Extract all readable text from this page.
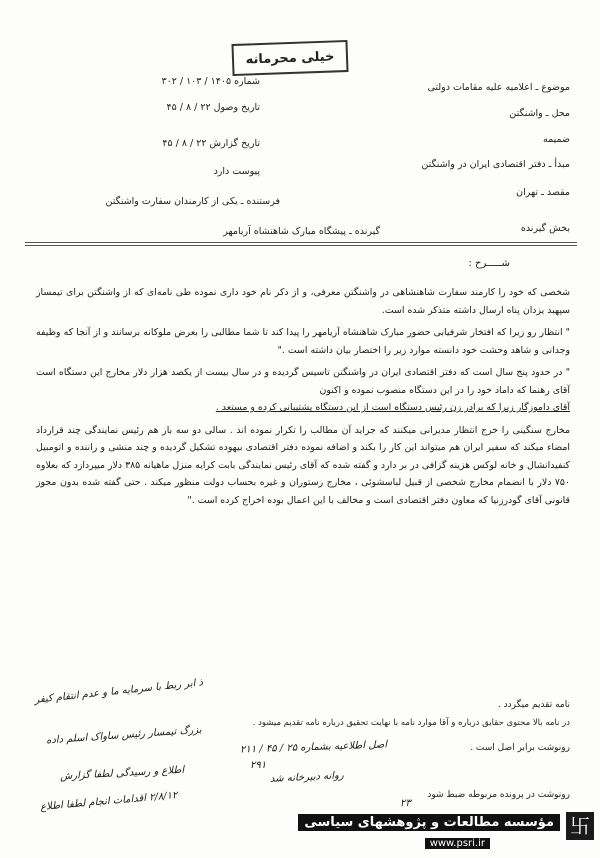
خیلی محرمانه
موضوع ـ اعلامیه علیه مقامات دولتی
محل ـ واشنگتن
ضمیمه
مبدأ ـ دفتر اقتصادی ایران در واشنگتن
مقصد ـ تهران
بخش گیرنده
شماره ۱۴۰۵ / ۱۰۳ / ۳۰۲
تاریخ وصول ۲۲ / ۸ / ۴۵
تاریخ گزارش ۲۲ / ۸ / ۴۵
پیوست دارد
فرستنده ـ یکی از کارمندان سفارت واشنگتن
گیرنده ـ پیشگاه مبارک شاهنشاه آریامهر
شـــــرح :

شخصی که خود را کارمند سفارت شاهنشاهی در واشنگتن معرفی، و از ذکر نام خود داری نموده طی نامه‌ای که از واشنگتن برای تیمسار سپهبد یزدان پناه ارسال داشته متذکر شده است.

" انتظار رو زیرا که افتخار شرفیابی حضور مبارک شاهنشاه آریامهر را پیدا کند تا شما مطالبی را بعرض ملوکانه برسانند و از آنجا که وظیفه وجدانی و شاهد وحشت خود دانسته موارد زیر را اختصار بیان داشته است ."

" در حدود پنج سال است که دفتر اقتصادی ایران در واشنگتن تاسیس گردیده و در سال بیست از یکصد هزار دلار مخارج این دستگاه است آقای رهنما که داماد خود را در این دستگاه منصوب نموده و اکنون
آقای داموزگار زیرا که برادر زن رئیس دستگاه است از این دستگاه پشتیبانی کرده و مستعد .

مخارج سنگینی را خرج انتظار مدیرانی میکنند که جراید آن مطالب را تکرار نموده اند . سالی دو سه بار هم رئیس نمایندگی چند قرارداد امضاء میکند که سفیر ایران هم میتواند این کار را بکند و اضافه نموده دفتر اقتصادی بیهوده تشکیل گردیده و چند منشی و راننده و اتومبیل کنفیدانشال و خانه لوکس هزینه گزافی در بر دارد و گفته شده که آقای رئیس نمایندگی بابت کرایه منزل ماهیانه ۳۸۵ دلار میپردازد که بعلاوه ۷۵۰ دلار با انضمام مخارج شخصی از قبیل لباسشوئی ، مخارج رستوران و غیره بحساب دولت منظور میکند . حتی گفته شده بدون مجوز قانونی آقای گودرزنیا که معاون دفتر اقتصادی است و مخالف با این اعمال بوده اخراج کرده است ."

در نامه بالا محتوی حقایق درباره و آقا موارد نامه با نهایت تحقیق درباره نامه تقدیم میشود .
رونوشت برابر اصل است .
رونوشت در پرونده مربوطه ضبط شود
نامه تقدیم میگردد .
ذ ابر ربط با سرمایه ما و عدم انتقام کیفر
بزرگ تیمسار رئیس ساواک اسلم داده
اطلاع و رسیدگی لطفا گزارش
۲/۸/۱۲ اقدامات انجام لطفا اطلاع
اصل اطلاعیه بشماره ۲۵ / ۴۵ / ۲۱۱
روانه دبیرخانه شد
۲۹۱
۲۳
卐
مؤسسه مطالعات و پژوهشهای سیاسی
www.psri.ir
